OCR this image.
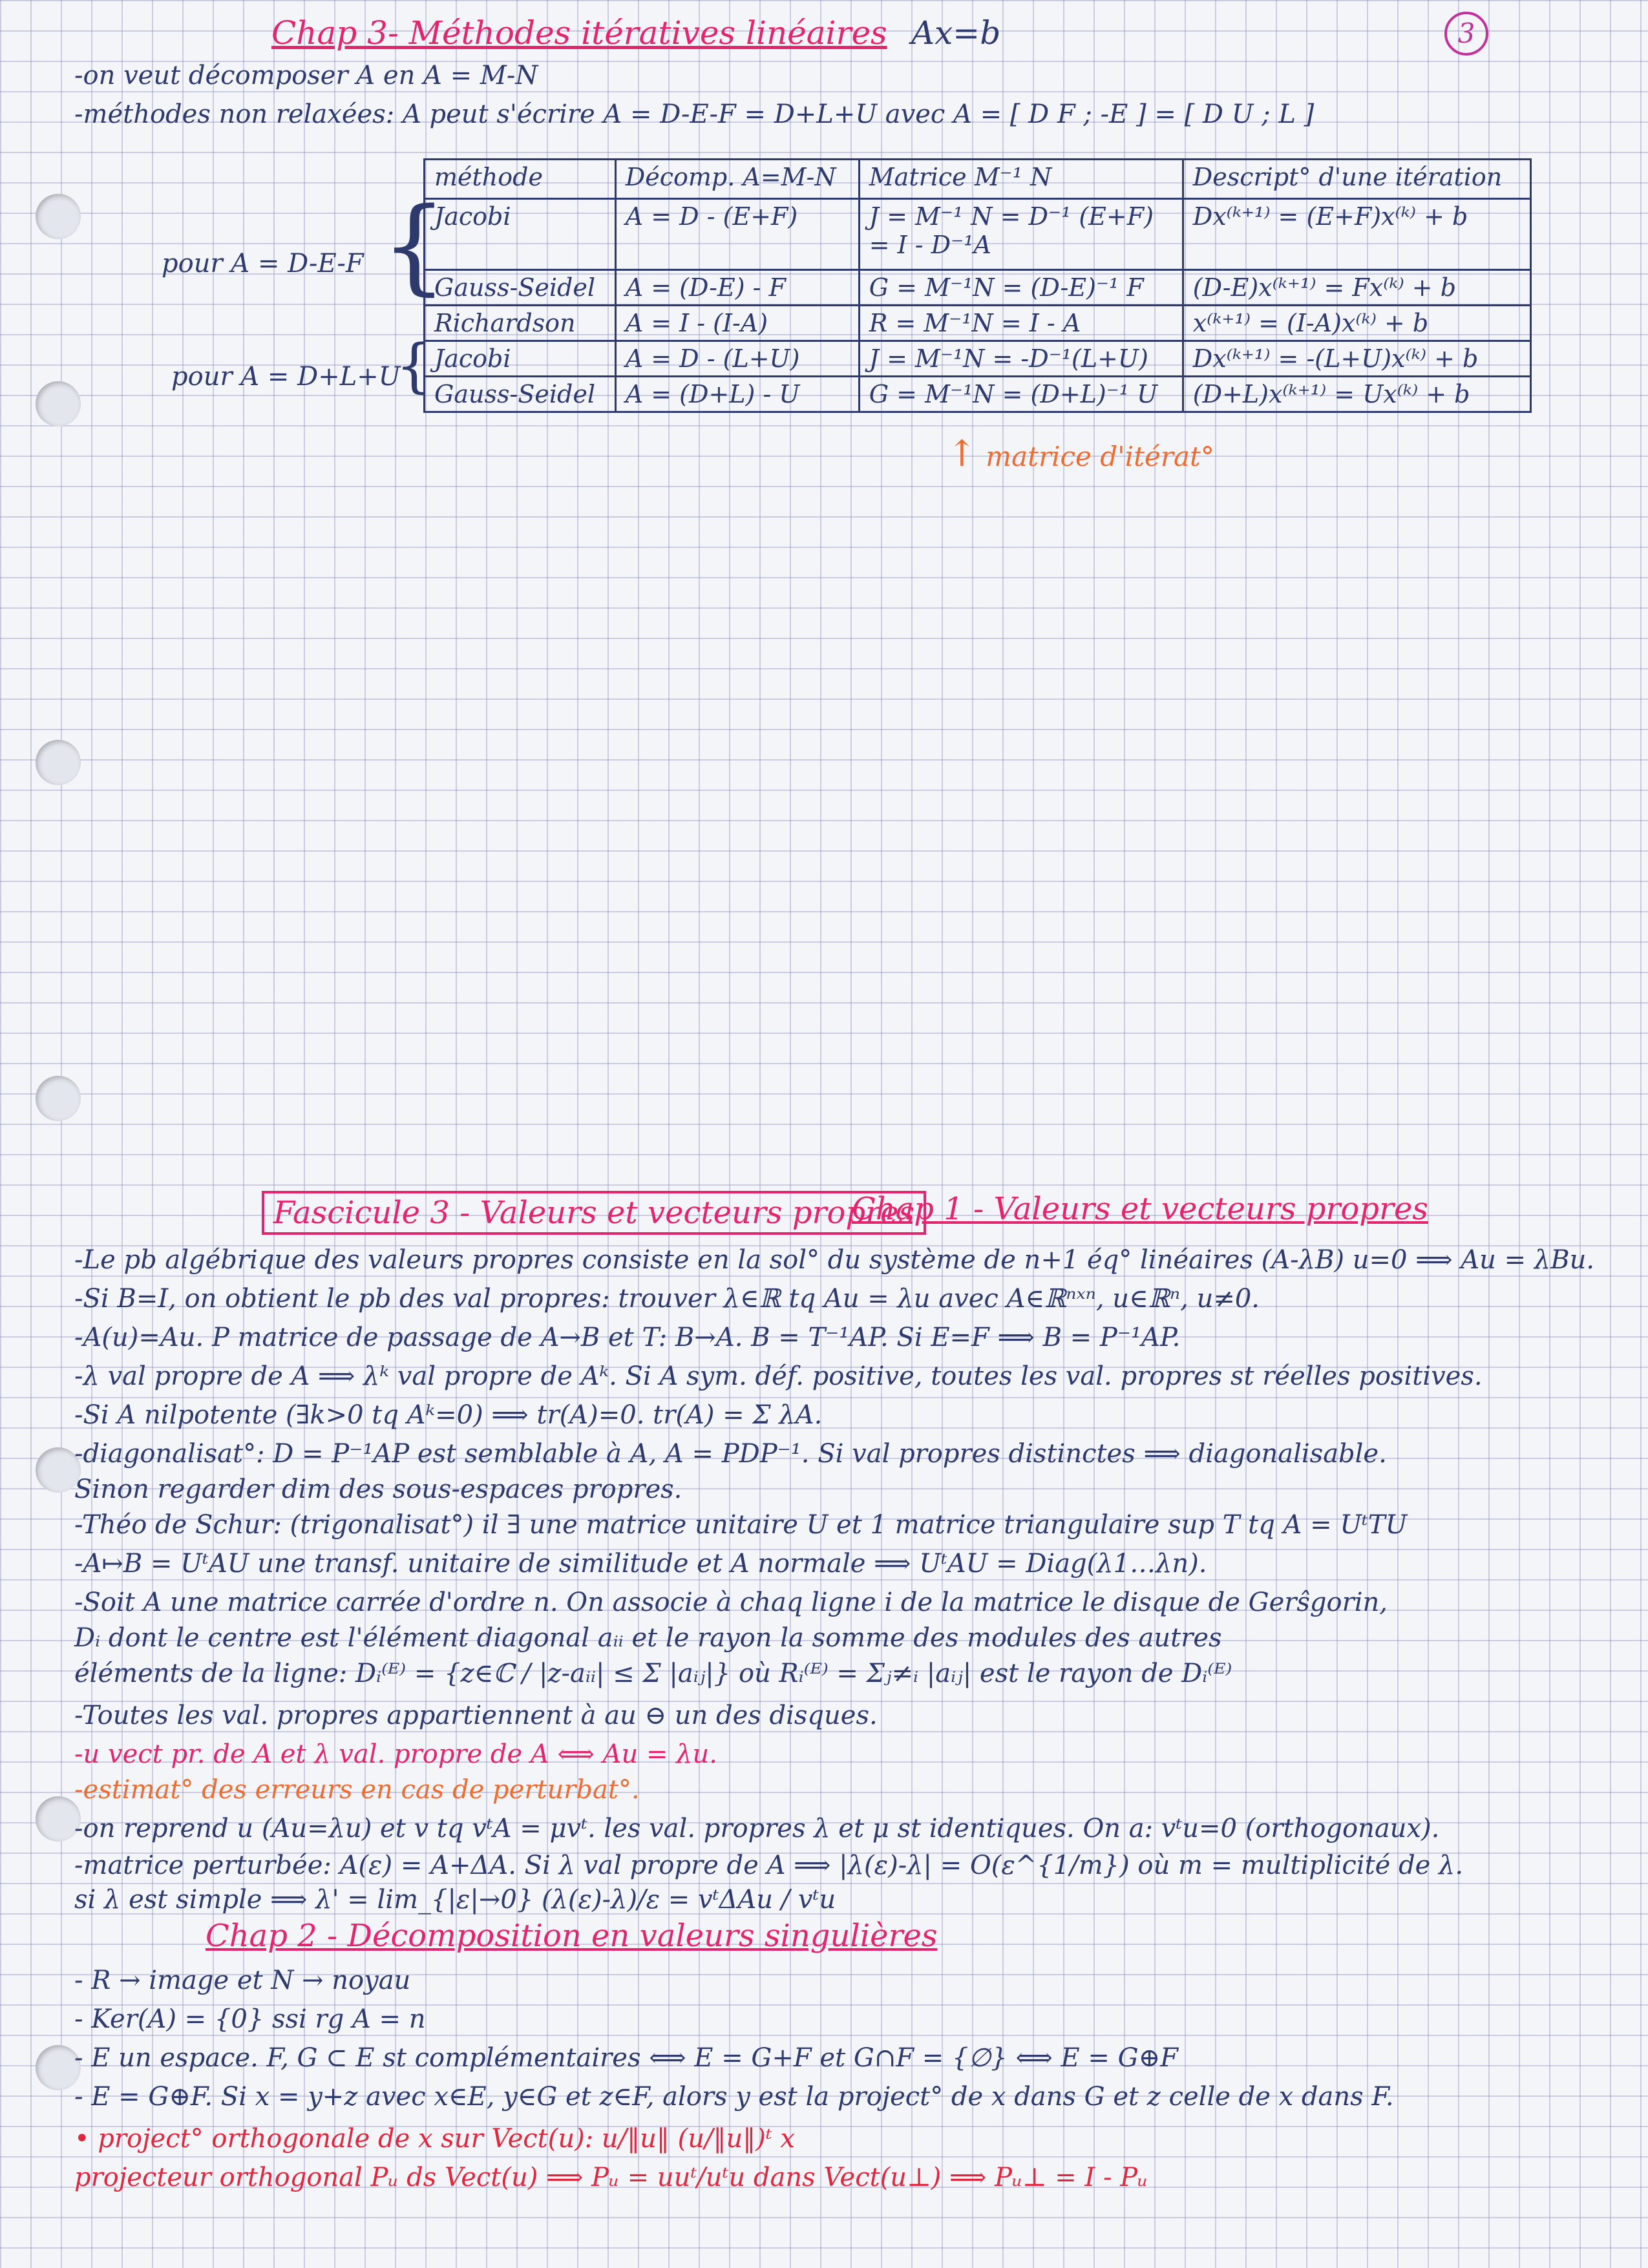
Chap 3- Méthodes itératives linéaires Ax=b	3
-on veut décomposer A en A = M-N
-méthodes non relaxées: A peut s'écrire A = D-E-F = D+L+U avec A = [ D F ; -E ] = [ D U ; L ]
pour A = D-E-F {
pour A = D+L+U
{
méthode	Décomp. A=M-N	Matrice M⁻¹ N	Descript° d'une itération
Jacobi	A = D - (E+F)	J = M⁻¹ N = D⁻¹ (E+F) = I - D⁻¹A	Dx⁽ᵏ⁺¹⁾ = (E+F)x⁽ᵏ⁾ + b
Gauss-Seidel	A = (D-E) - F	G = M⁻¹N = (D-E)⁻¹ F	(D-E)x⁽ᵏ⁺¹⁾ = Fx⁽ᵏ⁾ + b
Richardson	A = I - (I-A)	R = M⁻¹N = I - A	x⁽ᵏ⁺¹⁾ = (I-A)x⁽ᵏ⁾ + b
Jacobi	A = D - (L+U)	J = M⁻¹N = -D⁻¹(L+U)	Dx⁽ᵏ⁺¹⁾ = -(L+U)x⁽ᵏ⁾ + b
Gauss-Seidel	A = (D+L) - U	G = M⁻¹N = (D+L)⁻¹ U	(D+L)x⁽ᵏ⁺¹⁾ = Ux⁽ᵏ⁾ + b
↑ matrice d'itérat°
Fascicule 3 - Valeurs et vecteurs propres
Chap 1 - Valeurs et vecteurs propres
-Le pb algébrique des valeurs propres consiste en la sol° du système de n+1 éq° linéaires (A-λB) u=0 ⟹ Au = λBu.
-Si B=I, on obtient le pb des val propres: trouver λ∈ℝ tq Au = λu avec A∈ℝⁿˣⁿ, u∈ℝⁿ, u≠0.
-A(u)=Au. P matrice de passage de A→B et T: B→A. B = T⁻¹AP. Si E=F ⟹ B = P⁻¹AP.
-λ val propre de A ⟹ λᵏ val propre de Aᵏ. Si A sym. déf. positive, toutes les val. propres st réelles positives.
-Si A nilpotente (∃k>0 tq Aᵏ=0) ⟹ tr(A)=0. tr(A) = Σ λA.
-diagonalisat°: D = P⁻¹AP est semblable à A, A = PDP⁻¹. Si val propres distinctes ⟹ diagonalisable.
Sinon regarder dim des sous-espaces propres.
-Théo de Schur: (trigonalisat°) il ∃ une matrice unitaire U et 1 matrice triangulaire sup T tq A = UᵗTU
-A↦B = UᵗAU une transf. unitaire de similitude et A normale ⟹ UᵗAU = Diag(λ1…λn).
-Soit A une matrice carrée d'ordre n. On associe à chaq ligne i de la matrice le disque de Gerŝgorin,
Dᵢ dont le centre est l'élément diagonal aᵢᵢ et le rayon la somme des modules des autres
éléments de la ligne: Dᵢ⁽ᴱ⁾ = {z∈ℂ / |z-aᵢᵢ| ≤ Σ |aᵢⱼ|} où Rᵢ⁽ᴱ⁾ = Σⱼ≠ᵢ |aᵢⱼ| est le rayon de Dᵢ⁽ᴱ⁾
-Toutes les val. propres appartiennent à au ⊖ un des disques.
-u vect pr. de A et λ val. propre de A ⟺ Au = λu.
-estimat° des erreurs en cas de perturbat°.
-on reprend u (Au=λu) et v tq vᵗA = μvᵗ. les val. propres λ et μ st identiques. On a: vᵗu=0 (orthogonaux).
-matrice perturbée: A(ε) = A+ΔA. Si λ val propre de A ⟹ |λ(ε)-λ| = O(ε^{1/m}) où m = multiplicité de λ.
si λ est simple ⟹ λ' = lim_{|ε|→0} (λ(ε)-λ)/ε = vᵗΔAu / vᵗu
Chap 2 - Décomposition en valeurs singulières
- R → image et N → noyau
- Ker(A) = {0} ssi rg A = n
- E un espace. F, G ⊂ E st complémentaires ⟺ E = G+F et G∩F = {∅} ⟺ E = G⊕F
- E = G⊕F. Si x = y+z avec x∈E, y∈G et z∈F, alors y est la project° de x dans G et z celle de x dans F.
• project° orthogonale de x sur Vect(u): u/‖u‖ (u/‖u‖)ᵗ x
projecteur orthogonal Pᵤ ds Vect(u) ⟹ Pᵤ = uuᵗ/uᵗu dans Vect(u⊥) ⟹ Pᵤ⊥ = I - Pᵤ
